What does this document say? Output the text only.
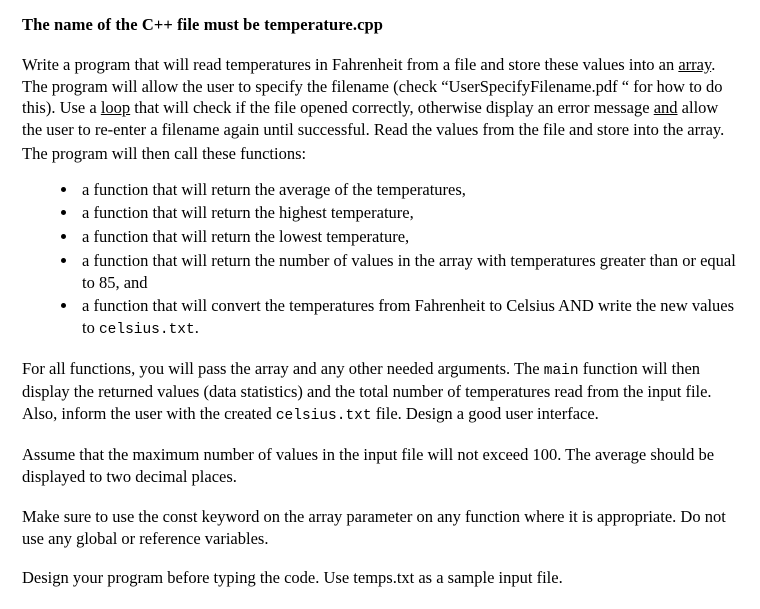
The name of the C++ file must be temperature.cpp

Write a program that will read temperatures in Fahrenheit from a file and store these values into an array. The program will allow the user to specify the filename (check “UserSpecifyFilename.pdf “ for how to do this). Use a loop that will check if the file opened correctly, otherwise display an error message and allow the user to re-enter a filename again until successful. Read the values from the file and store into the array.

The program will then call these functions:

• a function that will return the average of the temperatures,
• a function that will return the highest temperature,
• a function that will return the lowest temperature,
• a function that will return the number of values in the array with temperatures greater than or equal to 85, and
• a function that will convert the temperatures from Fahrenheit to Celsius AND write the new values to celsius.txt.

For all functions, you will pass the array and any other needed arguments. The main function will then display the returned values (data statistics) and the total number of temperatures read from the input file. Also, inform the user with the created celsius.txt file. Design a good user interface.

Assume that the maximum number of values in the input file will not exceed 100. The average should be displayed to two decimal places.

Make sure to use the const keyword on the array parameter on any function where it is appropriate. Do not use any global or reference variables.

Design your program before typing the code. Use temps.txt as a sample input file.
